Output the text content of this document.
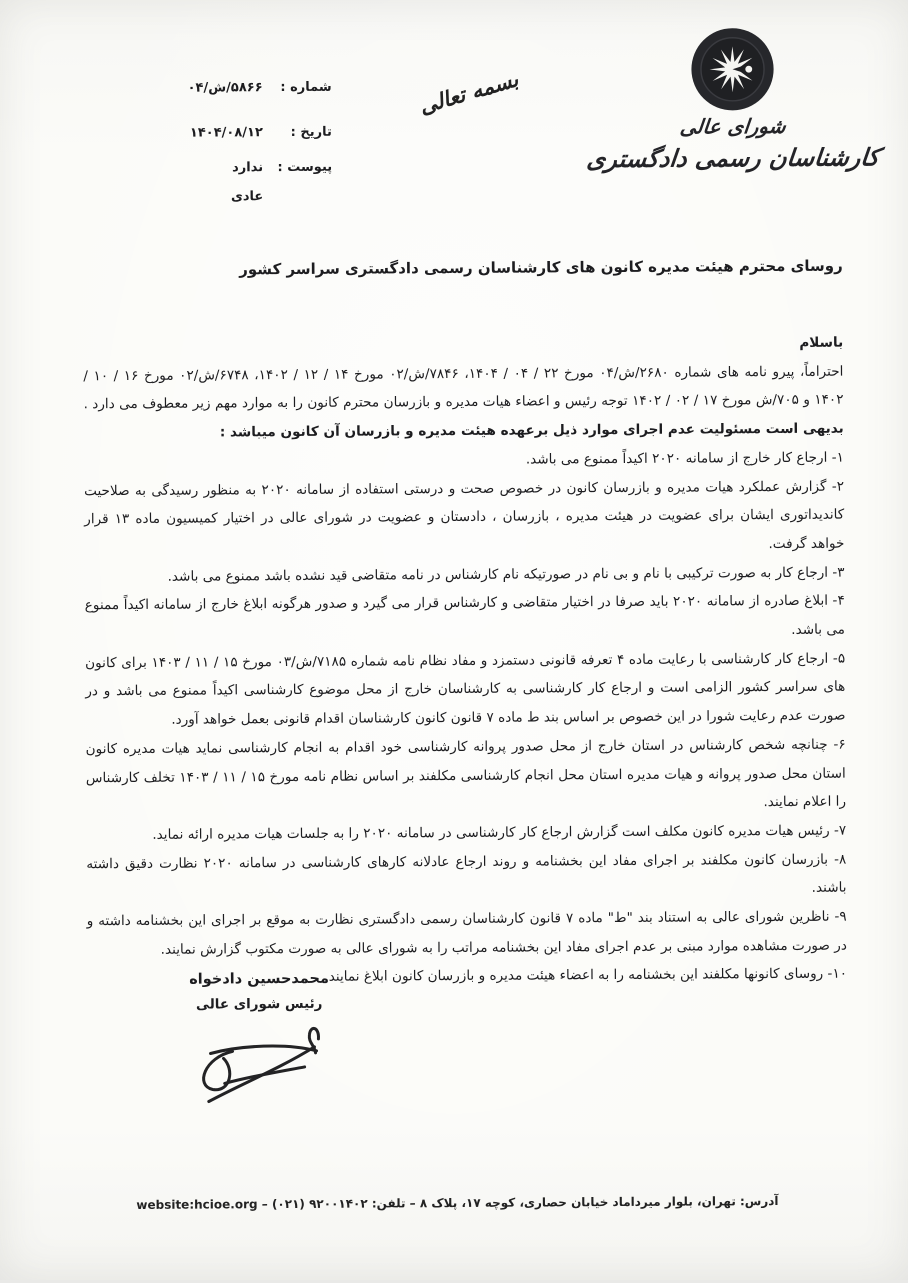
شماره :
۵۸۶۶/ش/۰۴
تاریخ :
۱۴۰۴/۰۸/۱۲
پیوست :
ندارد
عادی
بسمه تعالی
شورای عالی
کارشناسان رسمی دادگستری
روسای محترم هیئت مدیره کانون های کارشناسان رسمی دادگستری سراسر کشور
باسلام

احتراماً، پیرو نامه های شماره ۲۶۸۰/ش/۰۴ مورخ ۲۲ / ۰۴ / ۱۴۰۴، ۷۸۴۶/ش/۰۲ مورخ ۱۴ / ۱۲ / ۱۴۰۲، ۶۷۴۸/ش/۰۲ مورخ ۱۶ / ۱۰ / ۱۴۰۲ و ۷۰۵/ش مورخ ۱۷ / ۰۲ / ۱۴۰۲ توجه رئیس و اعضاء هیات مدیره و بازرسان محترم کانون را به موارد مهم زیر معطوف می دارد . بدیهی است مسئولیت عدم اجرای موارد ذیل برعهده هیئت مدیره و بازرسان آن کانون میباشد :

۱- ارجاع کار خارج از سامانه ۲۰۲۰ اکیداً ممنوع می باشد.

۲- گزارش عملکرد هیات مدیره و بازرسان کانون در خصوص صحت و درستی استفاده از سامانه ۲۰۲۰ به منظور رسیدگی به صلاحیت کاندیداتوری ایشان برای عضویت در هیئت مدیره ، بازرسان ، دادستان و عضویت در شورای عالی در اختیار کمیسیون ماده ۱۳ قرار خواهد گرفت.

۳- ارجاع کار به صورت ترکیبی با نام و بی نام در صورتیکه نام کارشناس در نامه متقاضی قید نشده باشد ممنوع می باشد.

۴- ابلاغ صادره از سامانه ۲۰۲۰ باید صرفا در اختیار متقاضی و کارشناس قرار می گیرد و صدور هرگونه ابلاغ خارج از سامانه اکیداً ممنوع می باشد.

۵- ارجاع کار کارشناسی با رعایت ماده ۴ تعرفه قانونی دستمزد و مفاد نظام نامه شماره ۷۱۸۵/ش/۰۳ مورخ ۱۵ / ۱۱ / ۱۴۰۳ برای کانون های سراسر کشور الزامی است و ارجاع کار کارشناسی به کارشناسان خارج از محل موضوع کارشناسی اکیداً ممنوع می باشد و در صورت عدم رعایت شورا در این خصوص بر اساس بند ط ماده ۷ قانون کانون کارشناسان اقدام قانونی بعمل خواهد آورد.

۶- چنانچه شخص کارشناس در استان خارج از محل صدور پروانه کارشناسی خود اقدام به انجام کارشناسی نماید هیات مدیره کانون استان محل صدور پروانه و هیات مدیره استان محل انجام کارشناسی مکلفند بر اساس نظام نامه مورخ ۱۵ / ۱۱ / ۱۴۰۳ تخلف کارشناس را اعلام نمایند.

۷- رئیس هیات مدیره کانون مکلف است گزارش ارجاع کار کارشناسی در سامانه ۲۰۲۰ را به جلسات هیات مدیره ارائه نماید.

۸- بازرسان کانون مکلفند بر اجرای مفاد این بخشنامه و روند ارجاع عادلانه کارهای کارشناسی در سامانه ۲۰۲۰ نظارت دقیق داشته باشند.

۹- ناظرین شورای عالی به استناد بند "ط" ماده ۷ قانون کارشناسان رسمی دادگستری نظارت به موقع بر اجرای این بخشنامه داشته و در صورت مشاهده موارد مبنی بر عدم اجرای مفاد این بخشنامه مراتب را به شورای عالی به صورت مکتوب گزارش نمایند.

۱۰- روسای کانونها مکلفند این بخشنامه را به اعضاء هیئت مدیره و بازرسان کانون ابلاغ نمایند.

محمدحسین دادخواه
رئیس شورای عالی
آدرس: تهران، بلوار میرداماد خیابان حصاری، کوچه ۱۷، پلاک ۸ – تلفن: ۹۲۰۰۱۴۰۲ (۰۲۱) – website:hcioe.org
